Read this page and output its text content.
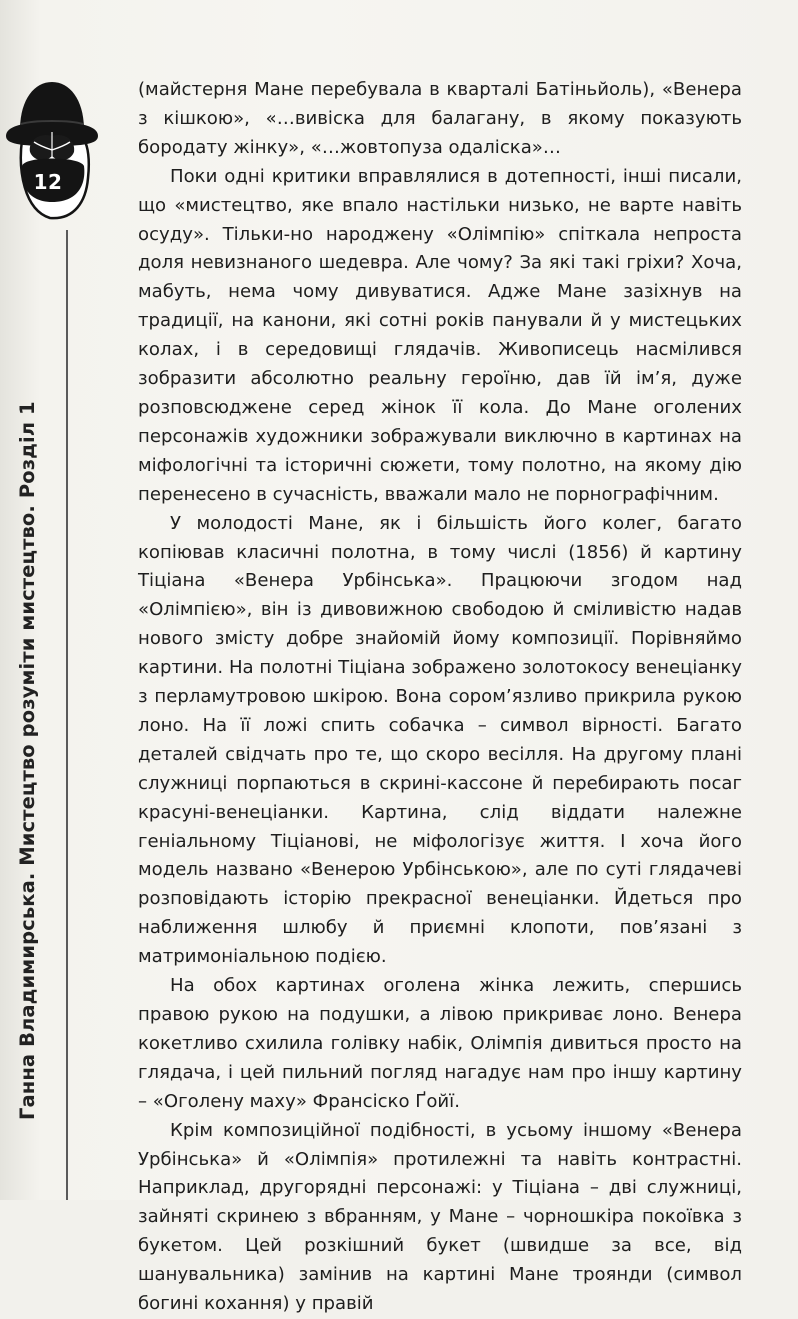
12
Ганна Владимирська. Мистецтво розуміти мистецтво. Розділ 1

(майстерня Мане перебувала в кварталі Батіньйоль), «Венера з кішкою», «…вивіска для балагану, в якому показують бородату жінку», «…жовтопуза одаліска»…

Поки одні критики вправлялися в дотепності, інші писали, що «мистецтво, яке впало настільки низько, не варте навіть осуду». Тільки-но народжену «Олімпію» спіткала непроста доля невизнаного шедевра. Але чому? За які такі гріхи? Хоча, мабуть, нема чому дивуватися. Адже Мане зазіхнув на традиції, на канони, які сотні років панували й у мистецьких колах, і в середовищі глядачів. Живописець насмілився зобразити абсолютно реальну героїню, дав їй ім’я, дуже розповсюджене серед жінок її кола. До Мане оголених персонажів художники зображували виключно в картинах на міфологічні та історичні сюжети, тому полотно, на якому дію перенесено в сучасність, вважали мало не порнографічним.

У молодості Мане, як і більшість його колег, багато копіював класичні полотна, в тому числі (1856) й картину Тіціана «Венера Урбінська». Працюючи згодом над «Олімпією», він із дивовижною свободою й сміливістю надав нового змісту добре знайомій йому композиції. Порівняймо картини. На полотні Тіціана зображено золотокосу венеціанку з перламутровою шкірою. Вона сором’язливо прикрила рукою лоно. На її ложі спить собачка – символ вірності. Багато деталей свідчать про те, що скоро весілля. На другому плані служниці порпаються в скрині-кассоне й перебирають посаг красуні-венеціанки. Картина, слід віддати належне геніальному Тіціанові, не міфологізує життя. І хоча його модель названо «Венерою Урбінською», але по суті глядачеві розповідають історію прекрасної венеціанки. Йдеться про наближення шлюбу й приємні клопоти, пов’язані з матримоніальною подією.

На обох картинах оголена жінка лежить, спершись правою рукою на подушки, а лівою прикриває лоно. Венера кокетливо схилила голівку набік, Олімпія дивиться просто на глядача, і цей пильний погляд нагадує нам про іншу картину – «Оголену маху» Франсіско Ґойї.

Крім композиційної подібності, в усьому іншому «Венера Урбінська» й «Олімпія» протилежні та навіть контрастні. Наприклад, другорядні персонажі: у Тіціана – дві служниці, зайняті скринею з вбранням, у Мане – чорношкіра покоївка з букетом. Цей розкішний букет (швидше за все, від шанувальника) замінив на картині Мане троянди (символ богині кохання) у правій
